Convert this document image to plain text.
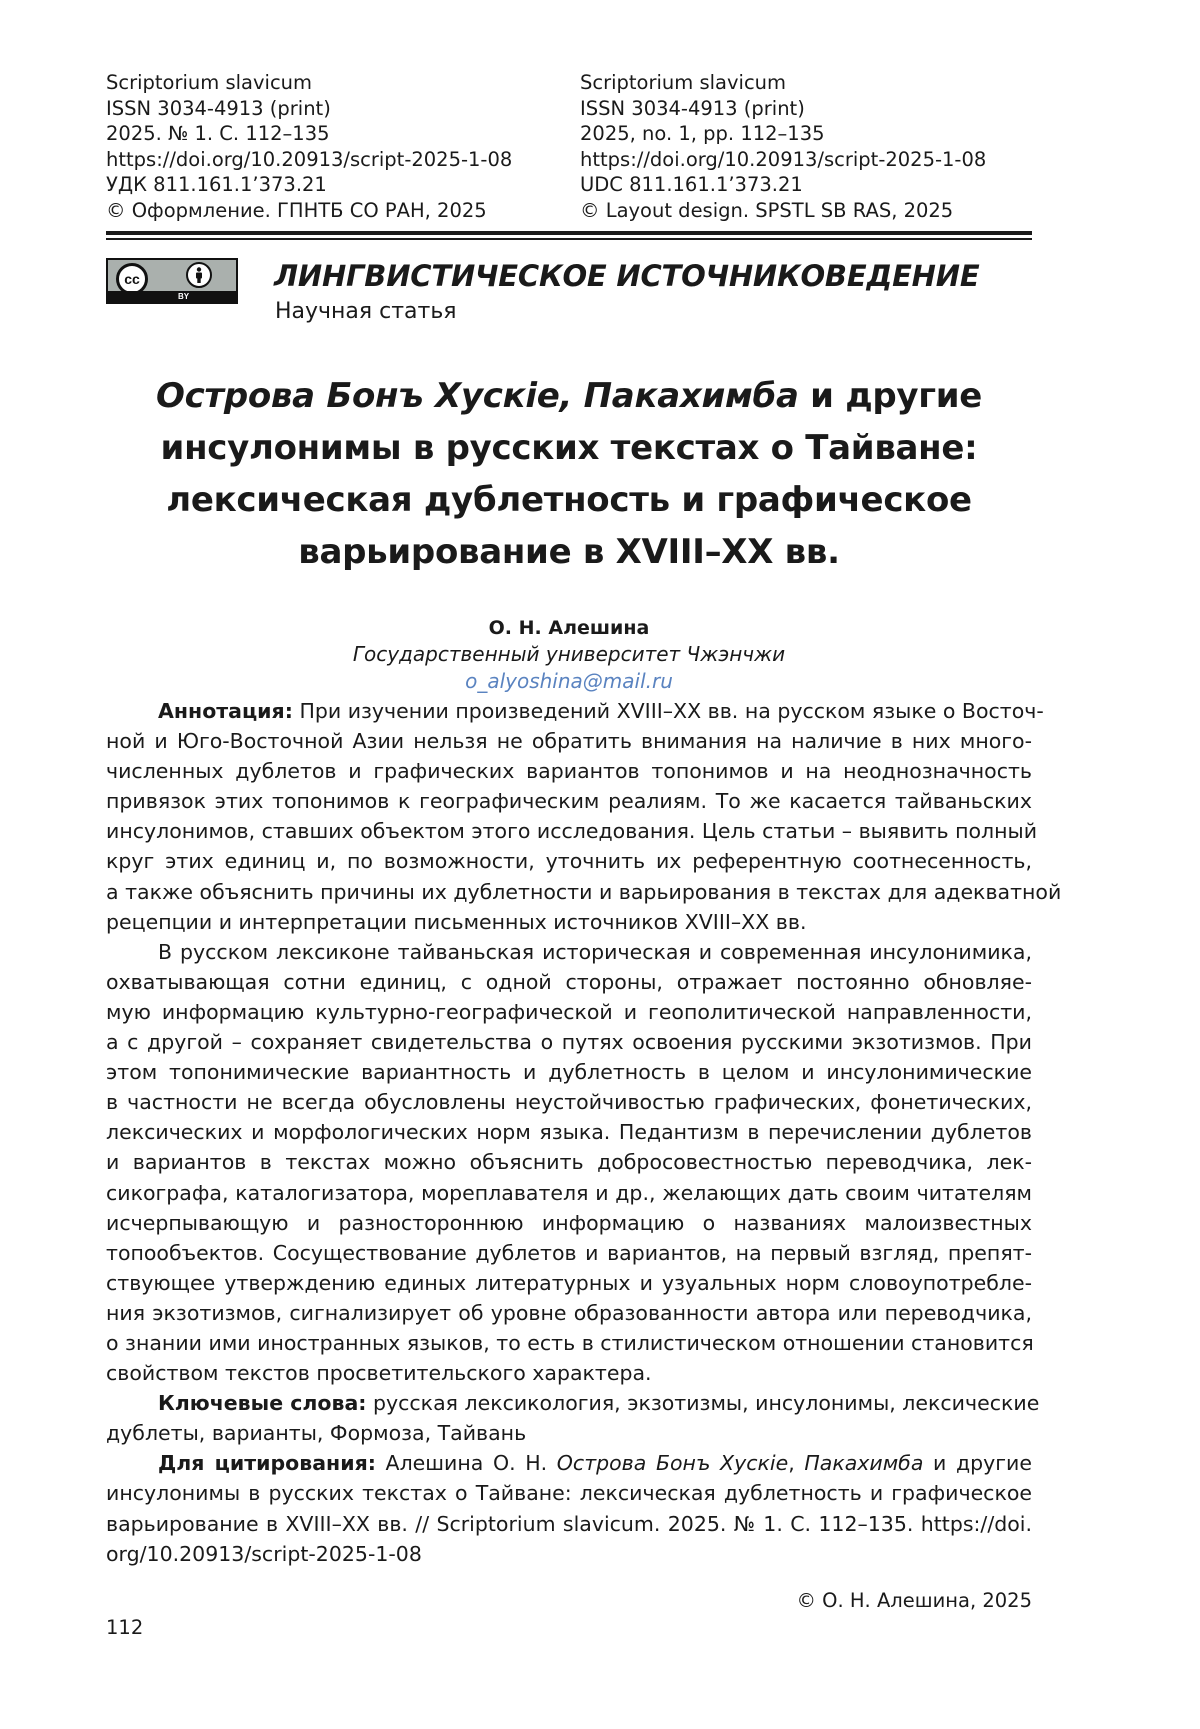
Scriptorium slavicum
ISSN 3034-4913 (print)
2025. № 1. С. 112–135
https://doi.org/10.20913/script-2025-1-08
УДК 811.161.1’373.21
© Оформление. ГПНТБ СО РАН, 2025
Scriptorium slavicum
ISSN 3034-4913 (print)
2025, no. 1, pp. 112–135
https://doi.org/10.20913/script-2025-1-08
UDC 811.161.1’373.21
© Layout design. SPSTL SB RAS, 2025
cc
BY
ЛИНГВИСТИЧЕСКОЕ ИСТОЧНИКОВЕДЕНИЕ
Научная статья
Острова Бонъ Хускіе, Пакахимба и другие
инсулонимы в русских текстах о Тайване:
лексическая дублетность и графическое
варьирование в XVIII–XX вв.
О. Н. Алешина
Государственный университет Чжэнчжи
o_alyoshina@mail.ru
Аннотация: При изучении произведений XVIII–XX вв. на русском языке о Восточ-
ной и Юго-Восточной Азии нельзя не обратить внимания на наличие в них много-
численных дублетов и графических вариантов топонимов и на неоднозначность
привязок этих топонимов к географическим реалиям. То же касается тайваньских
инсулонимов, ставших объектом этого исследования. Цель статьи – выявить полный
круг этих единиц и, по возможности, уточнить их референтную соотнесенность,
а также объяснить причины их дублетности и варьирования в текстах для адекватной
рецепции и интерпретации письменных источников XVIII–XX вв.
В русском лексиконе тайваньская историческая и современная инсулонимика,
охватывающая сотни единиц, с одной стороны, отражает постоянно обновляе-
мую информацию культурно-географической и геополитической направленности,
а с другой – сохраняет свидетельства о путях освоения русскими экзотизмов. При
этом топонимические вариантность и дублетность в целом и инсулонимические
в частности не всегда обусловлены неустойчивостью графических, фонетических,
лексических и морфологических норм языка. Педантизм в перечислении дублетов
и вариантов в текстах можно объяснить добросовестностью переводчика, лек-
сикографа, каталогизатора, мореплавателя и др., желающих дать своим читателям
исчерпывающую и разностороннюю информацию о названиях малоизвестных
топообъектов. Сосуществование дублетов и вариантов, на первый взгляд, препят-
ствующее утверждению единых литературных и узуальных норм словоупотребле-
ния экзотизмов, сигнализирует об уровне образованности автора или переводчика,
о знании ими иностранных языков, то есть в стилистическом отношении становится
свойством текстов просветительского характера.
Ключевые слова: русская лексикология, экзотизмы, инсулонимы, лексические
дублеты, варианты, Формоза, Тайвань
Для цитирования: Алешина О. Н. Острова Бонъ Хускіе, Пакахимба и другие
инсулонимы в русских текстах о Тайване: лексическая дублетность и графическое
варьирование в XVIII–XX вв. // Scriptorium slavicum. 2025. № 1. С. 112–135. https://doi.
org/10.20913/script-2025-1-08
© О. Н. Алешина, 2025
112
